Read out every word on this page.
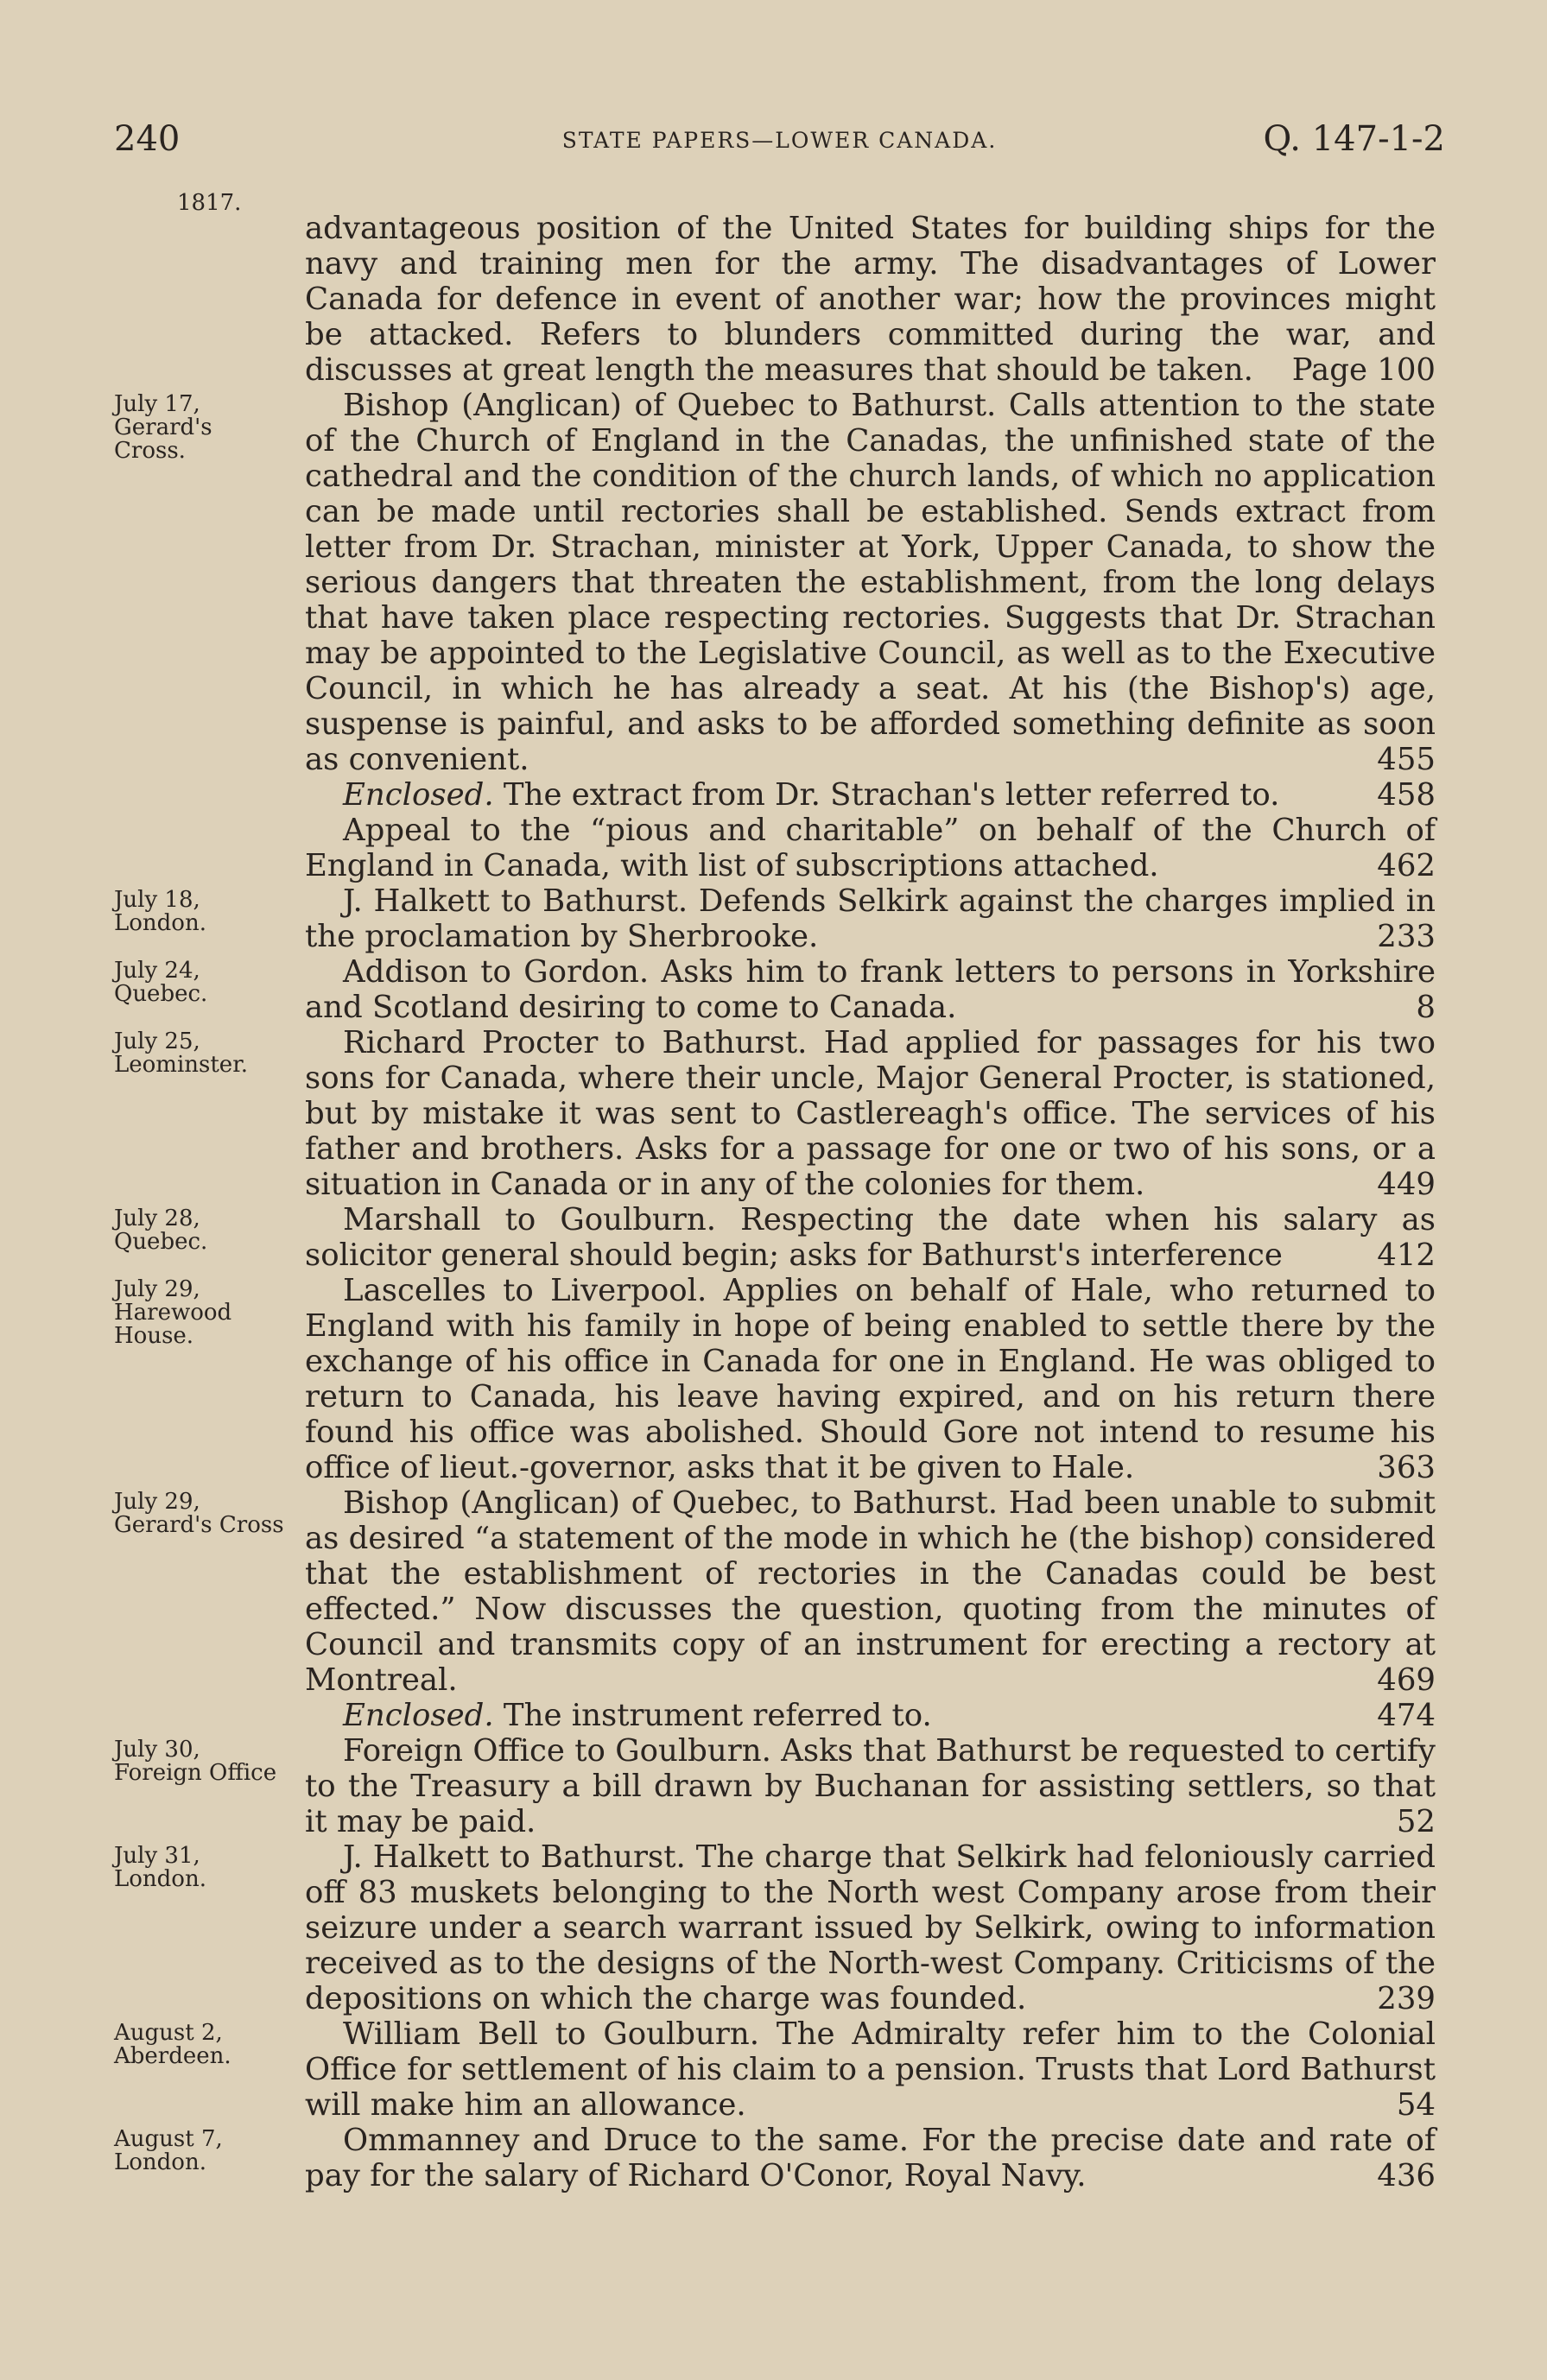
240	STATE PAPERS—LOWER CANADA.	Q. 147-1-2
1817.

advantageous position of the United States for building ships for the navy and training men for the army. The disadvantages of Lower Canada for defence in event of another war; how the provinces might be attacked. Refers to blunders committed during the war, and discusses at great length the measures that should be taken.	Page 100

July 17,
Gerard's
Cross.

Bishop (Anglican) of Quebec to Bathurst. Calls attention to the state of the Church of England in the Canadas, the unfinished state of the cathedral and the condition of the church lands, of which no application can be made until rectories shall be established. Sends extract from letter from Dr. Strachan, minister at York, Upper Canada, to show the serious dangers that threaten the establishment, from the long delays that have taken place respecting rectories. Suggests that Dr. Strachan may be appointed to the Legislative Council, as well as to the Executive Council, in which he has already a seat. At his (the Bishop's) age, suspense is painful, and asks to be afforded something definite as soon as convenient.	455

Enclosed. The extract from Dr. Strachan's letter referred to.	458

Appeal to the “pious and charitable” on behalf of the Church of England in Canada, with list of subscriptions attached.	462

July 18,
London.

J. Halkett to Bathurst. Defends Selkirk against the charges implied in the proclamation by Sherbrooke.	233

July 24,
Quebec.

Addison to Gordon. Asks him to frank letters to persons in Yorkshire and Scotland desiring to come to Canada.	8

July 25,
Leominster.

Richard Procter to Bathurst. Had applied for passages for his two sons for Canada, where their uncle, Major General Procter, is stationed, but by mistake it was sent to Castlereagh's office. The services of his father and brothers. Asks for a passage for one or two of his sons, or a situation in Canada or in any of the colonies for them.	449

July 28,
Quebec.

Marshall to Goulburn. Respecting the date when his salary as solicitor general should begin; asks for Bathurst's interference	412

July 29,
Harewood
House.

Lascelles to Liverpool. Applies on behalf of Hale, who returned to England with his family in hope of being enabled to settle there by the exchange of his office in Canada for one in England. He was obliged to return to Canada, his leave having expired, and on his return there found his office was abolished. Should Gore not intend to resume his office of lieut.-governor, asks that it be given to Hale.	363

July 29,
Gerard's Cross

Bishop (Anglican) of Quebec, to Bathurst. Had been unable to submit as desired “a statement of the mode in which he (the bishop) considered that the establishment of rectories in the Canadas could be best effected.” Now discusses the question, quoting from the minutes of Council and transmits copy of an instrument for erecting a rectory at Montreal.	469

Enclosed. The instrument referred to.	474

July 30,
Foreign Office

Foreign Office to Goulburn. Asks that Bathurst be requested to certify to the Treasury a bill drawn by Buchanan for assisting settlers, so that it may be paid.	52

July 31,
London.

J. Halkett to Bathurst. The charge that Selkirk had feloniously carried off 83 muskets belonging to the North west Company arose from their seizure under a search warrant issued by Selkirk, owing to information received as to the designs of the North-west Company. Criticisms of the depositions on which the charge was founded.	239

August 2,
Aberdeen.

William Bell to Goulburn. The Admiralty refer him to the Colonial Office for settlement of his claim to a pension. Trusts that Lord Bathurst will make him an allowance.	54

August 7,
London.

Ommanney and Druce to the same. For the precise date and rate of pay for the salary of Richard O'Conor, Royal Navy.	436
